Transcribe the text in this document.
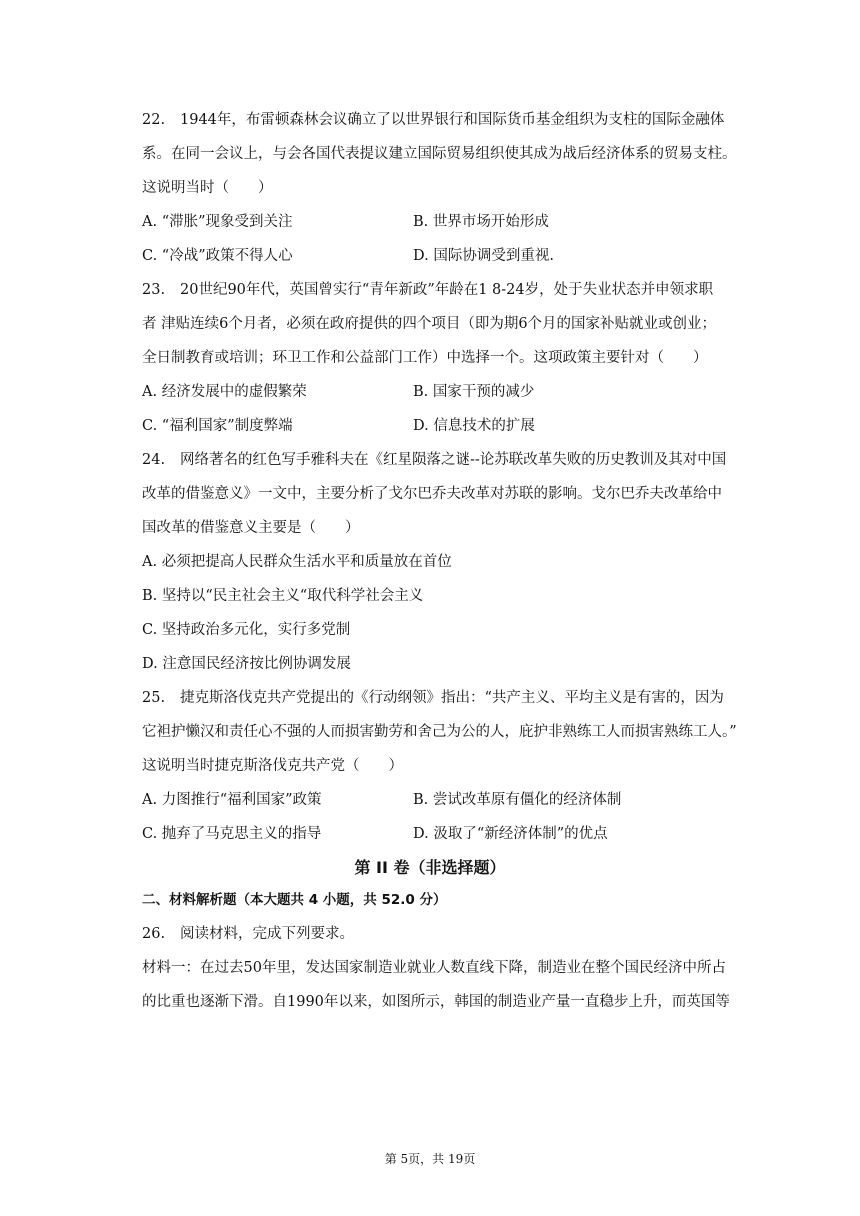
22. 1944年，布雷顿森林会议确立了以世界银行和国际货币基金组织为支柱的国际金融体
系。在同一会议上，与会各国代表提议建立国际贸易组织使其成为战后经济体系的贸易支柱。
这说明当时（　　）
A. “滞胀”现象受到关注	B. 世界市场开始形成
C. “冷战”政策不得人心	D. 国际协调受到重视.
23. 20世纪90年代，英国曾实行“青年新政”年龄在1 8-24岁，处于失业状态并申领求职
者 津贴连续6个月者，必须在政府提供的四个项目（即为期6个月的国家补贴就业或创业；
全日制教育或培训；环卫工作和公益部门工作）中选择一个。这项政策主要针对（　　）
A. 经济发展中的虚假繁荣	B. 国家干预的减少
C. “福利国家”制度弊端	D. 信息技术的扩展
24. 网络著名的红色写手雅科夫在《红星陨落之谜--论苏联改革失败的历史教训及其对中国
改革的借鉴意义》一文中，主要分析了戈尔巴乔夫改革对苏联的影响。戈尔巴乔夫改革给中
国改革的借鉴意义主要是（　　）
A. 必须把提高人民群众生活水平和质量放在首位
B. 坚持以“民主社会主义“取代科学社会主义
C. 坚持政治多元化，实行多党制
D. 注意国民经济按比例协调发展
25. 捷克斯洛伐克共产党提出的《行动纲领》指出：“共产主义、平均主义是有害的，因为
它袒护懒汉和责任心不强的人而损害勤劳和舍己为公的人，庇护非熟练工人而损害熟练工人。”
这说明当时捷克斯洛伐克共产党（　　）
A. 力图推行“福利国家”政策	B. 尝试改革原有僵化的经济体制
C. 抛弃了马克思主义的指导	D. 汲取了“新经济体制”的优点
第 II 卷（非选择题）
二、材料解析题（本大题共 4 小题，共 52.0 分）
26. 阅读材料，完成下列要求。
材料一：在过去50年里，发达国家制造业就业人数直线下降，制造业在整个国民经济中所占
的比重也逐渐下滑。自1990年以来，如图所示，韩国的制造业产量一直稳步上升，而英国等
第 5页，共 19页
